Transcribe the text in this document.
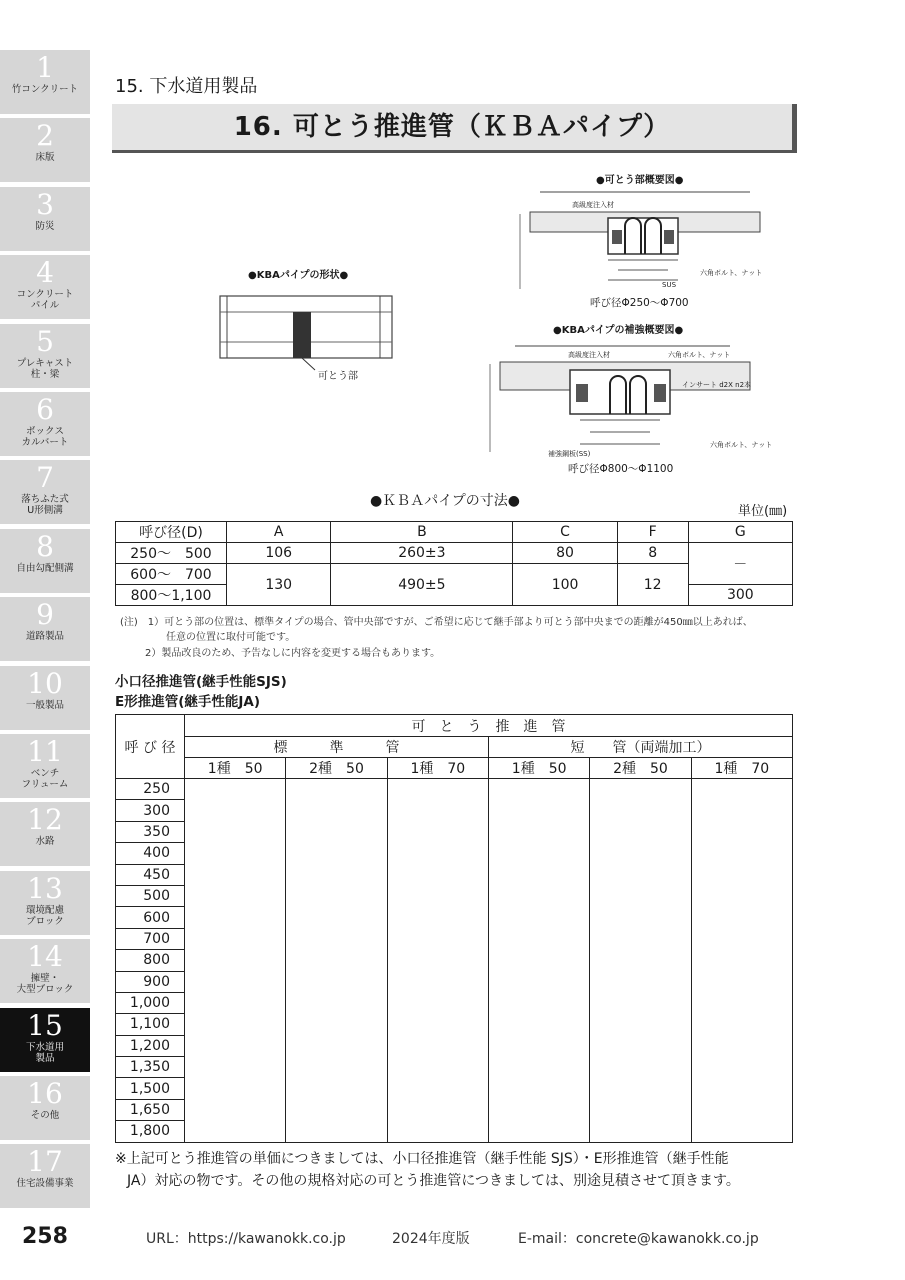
1
竹コンクリート
2
床版
3
防災
4
コンクリート
パイル
5
プレキャスト
柱・梁
6
ボックス
カルバート
7
落ちふた式
U形側溝
8
自由勾配側溝
9
道路製品
10
一般製品
11
ベンチ
フリューム
12
水路
13
環境配慮
ブロック
14
擁壁・
大型ブロック
15
下水道用
製品
16
その他
17
住宅設備事業
15. 下水道用製品
16. 可とう推進管（ＫＢＡパイプ）
●KBAパイプの形状●
可とう部
●可とう部概要図●
高級度注入材
六角ボルト、ナット
SUS
呼び径Φ250～Φ700
●KBAパイプの補強概要図●
高級度注入材	六角ボルト、ナット
インサート d2X n2本
六角ボルト、ナット
補強鋼板(SS)
呼び径Φ800～Φ1100
●ＫＢＡパイプの寸法●
単位(㎜)
呼び径(D)	A	B	C	F	G
250～　500	106	260±3	80	8	－
600～　700	130	490±5	100	12	
800～1,100					300
(注)　1）可とう部の位置は、標準タイプの場合、管中央部ですが、ご希望に応じて継手部より可とう部中央までの距離が450㎜以上あれば、
任意の位置に取付可能です。
2）製品改良のため、予告なしに内容を変更する場合もあります。
小口径推進管(継手性能SJS)
E形推進管(継手性能JA)
呼 び 径	可　と　う　推　進　管					
	標　　　準　　　管			短　　管（両端加工）		
	1種　50	2種　50	1種　70	1種　50	2種　50	1種　70
250						
300						
350						
400						
450						
500						
600						
700						
800						
900						
1,000						
1,100						
1,200						
1,350						
1,500						
1,650						
1,800						
※上記可とう推進管の単価につきましては、小口径推進管（継手性能 SJS）・E形推進管（継手性能
JA）対応の物です。その他の規格対応の可とう推進管につきましては、別途見積させて頂きます。
258	URL：https://kawanokk.co.jp	2024年度版	E-mail：concrete@kawanokk.co.jp
